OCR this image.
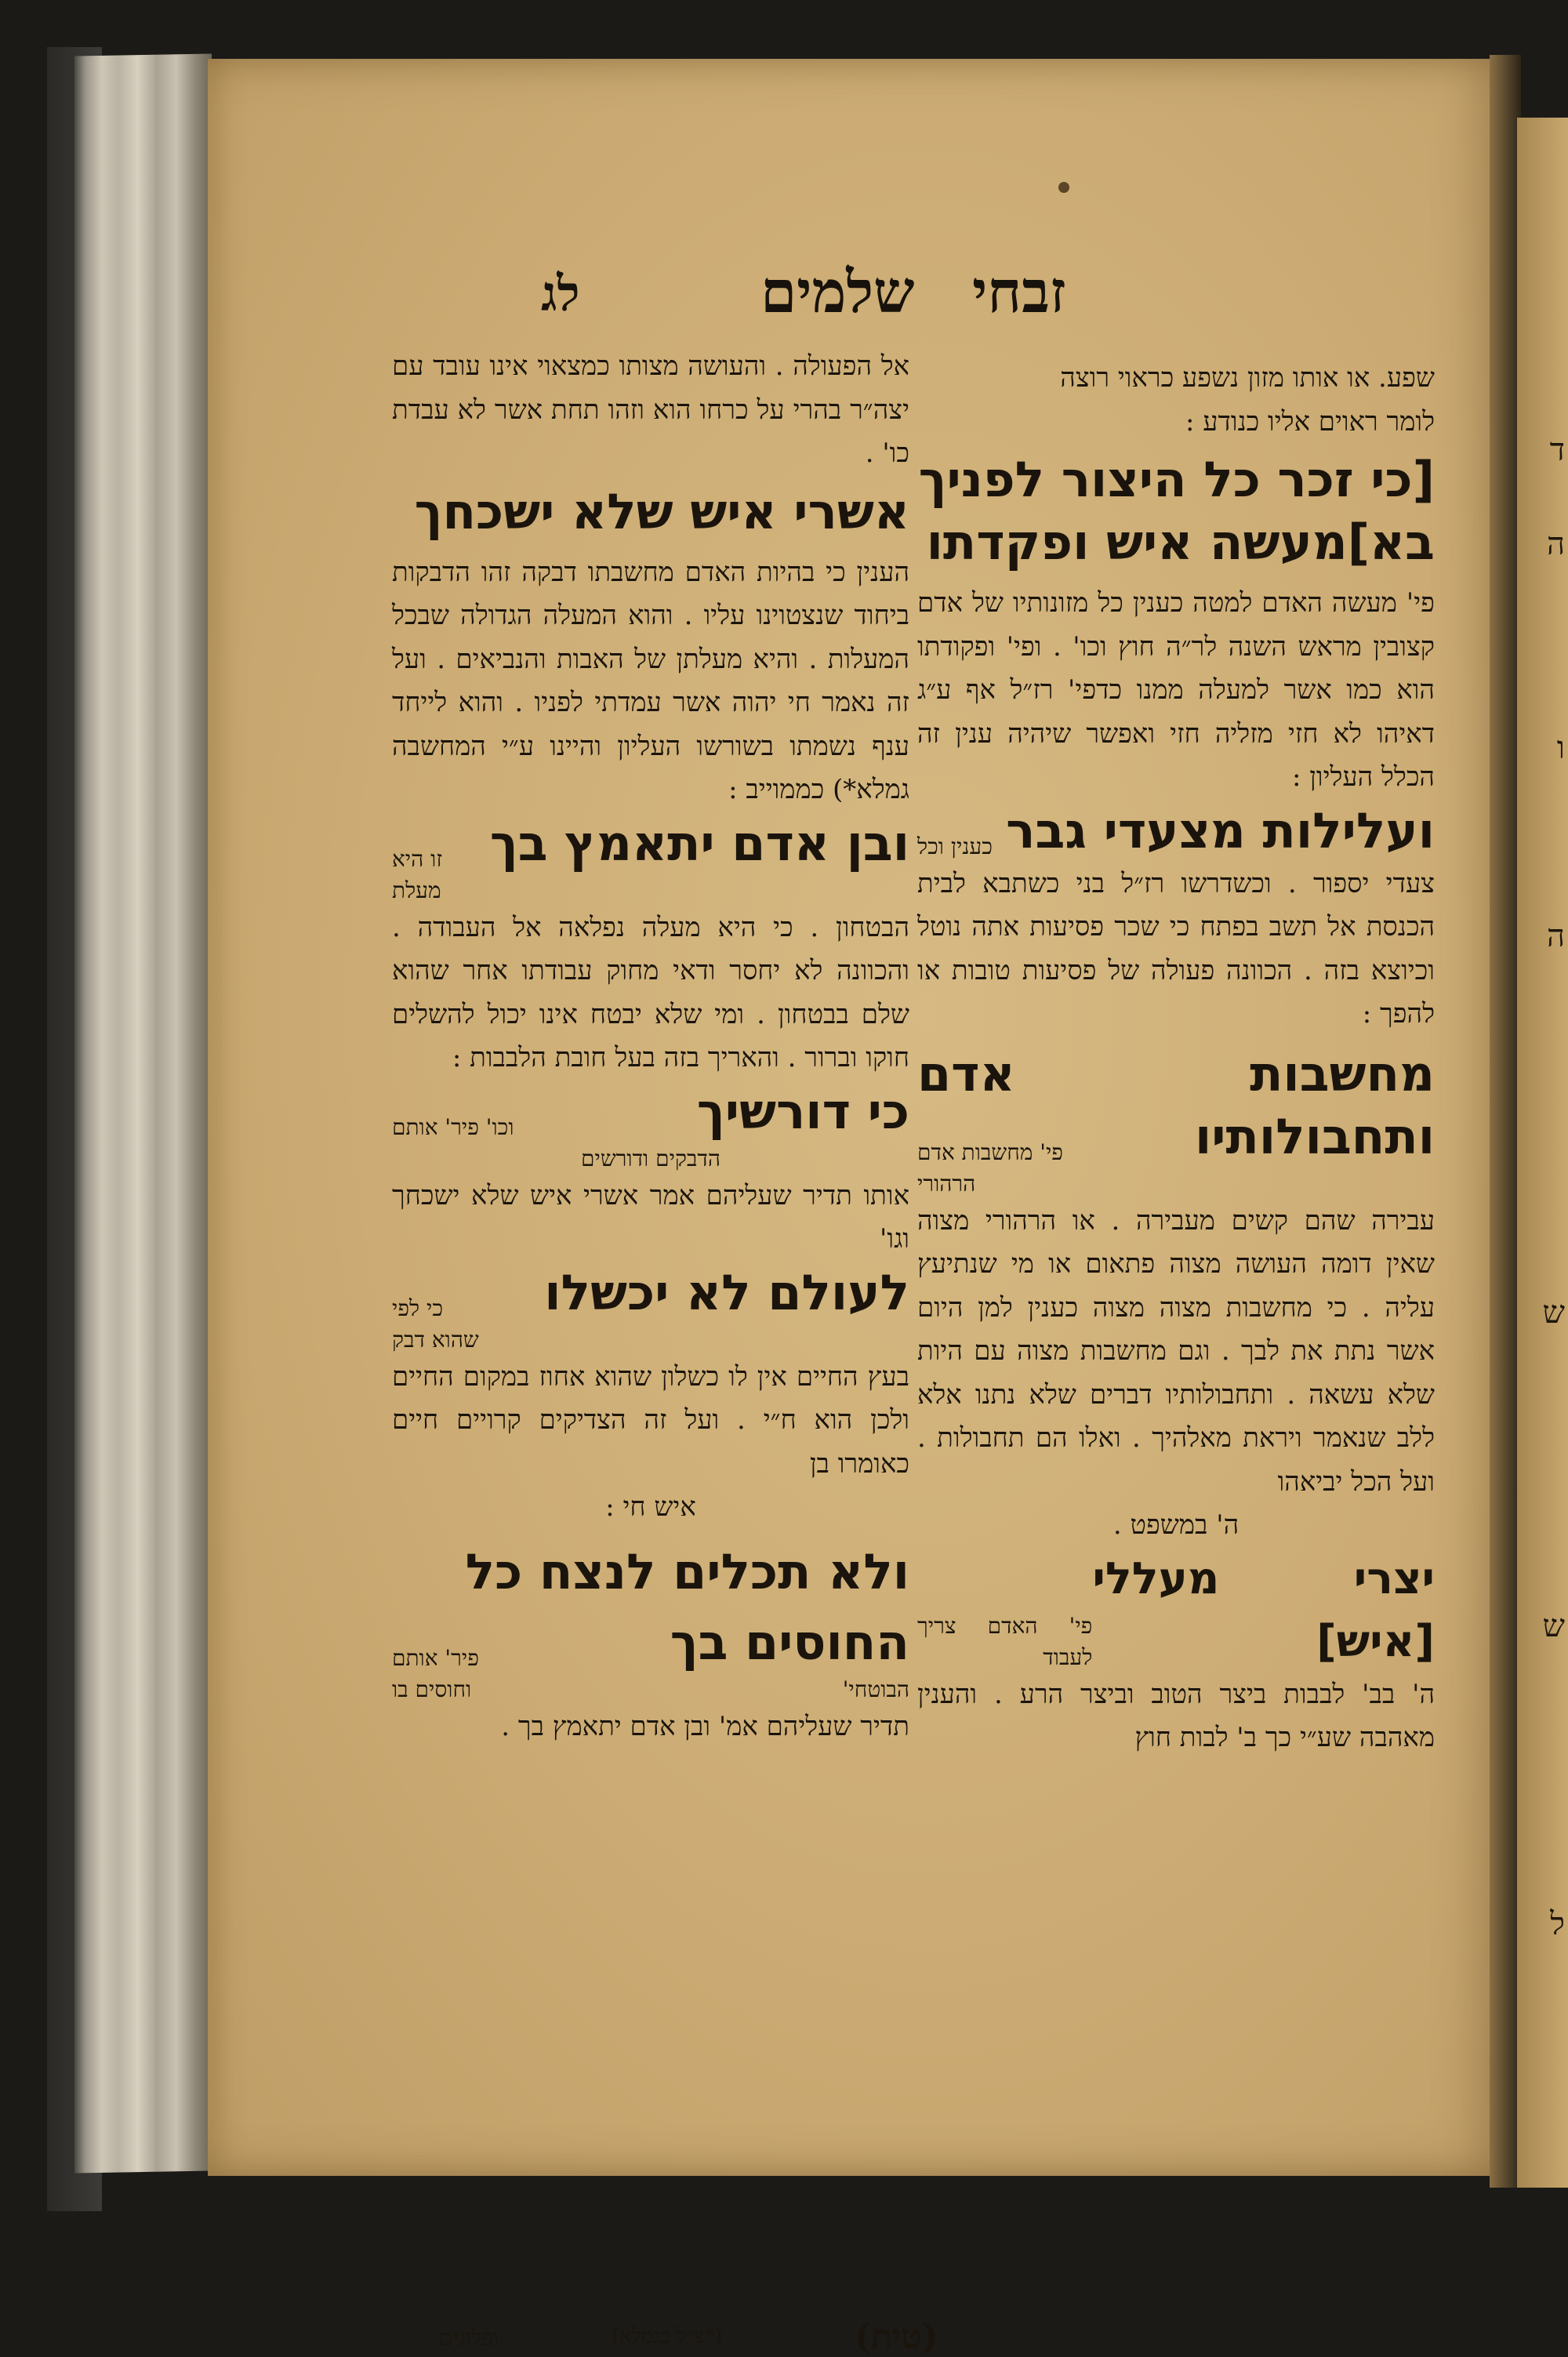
ד
ה
ו
ה
ש
ש
ל
זבחי
שלמים
לג

שפע. או אותו מזון נשפע כראוי רוצה

לומר ראוים אליו כנודע :

[כי זכר כל היצור לפניך
בא]מעשה איש ופקדתו

פי' מעשה האדם למטה כענין כל מזונותיו של אדם קצובין מראש השנה לר״ה חוץ וכו' . ופי' ופקודתו הוא כמו אשר למעלה ממנו כדפי' רז״ל אף ע״ג דאיהו לא חזי מזליה חזי ואפשר שיהיה ענין זה הכלל העליון :

ועלילות מצעדי גבר
כענין וכל

צעדי יספור . וכשדרשו רז״ל בני כשתבא לבית הכנסת אל תשב בפתח כי שכר פסיעות אתה נוטל וכיוצא בזה . הכוונה פעולה של פסיעות טובות או להפך :

מחשבות
אדם
ותחבולותיו
פי' מחשבות אדם

הרהורי

עבירה שהם קשים מעבירה . או הרהורי מצוה שאין דומה העושה מצוה פתאום או מי שנתיעץ עליה . כי מחשבות מצוה מצוה כענין למן היום אשר נתת את לבך . וגם מחשבות מצוה עם היות שלא עשאה . ותחבולותיו דברים שלא נתנו אלא ללב שנאמר ויראת מאלהיך . ואלו הם תחבולות . ועל הכל יביאהו

ה' במשפט .

יצרי מעללי [איש]
פי' האדם צריך לעבוד

ה' בב' לבבות ביצר הטוב וביצר הרע . והענין מאהבה שע״י כך ב' לבות חוץ

אל הפעולה . והעושה מצותו כמצאוי אינו עובד עם יצה״ר בהרי על כרחו הוא וזהו תחת אשר לא עבדת כו' .

אשרי איש שלא ישכחך

הענין כי בהיות האדם מחשבתו דבקה זהו הדבקות ביחוד שנצטוינו עליו . והוא המעלה הגדולה שבכל המעלות . והיא מעלתן של האבות והנביאים . ועל זה נאמר חי יהוה אשר עמדתי לפניו . והוא לייחד ענף נשמתו בשורשו העליון והיינו ע״י המחשבה גמלא*) כממוייב :

ובן אדם יתאמץ בך
זו היא

מעלת

הבטחון . כי היא מעלה נפלאה אל העבודה . והכוונה לא יחסר ודאי מחוק עבודתו אחר שהוא שלם בבטחון . ומי שלא יבטח אינו יכול להשלים חוקו וברור . והאריך בזה בעל חובת הלבבות :

כי דורשיך
וכו' פיר' אותם

הדבקים ודורשים

אותו תדיר שעליהם אמר אשרי איש שלא ישכחך וגו'

לעולם לא יכשלו
כי לפי

שהוא דבק

בעץ החיים אין לו כשלון שהוא אחוז במקום החיים ולכן הוא ח״י . ועל זה הצדיקים קרויים חיים כאומרו בן

איש חי :

ולא תכלים לנצח כל
החוסים בך
פיר' אותם
הבוטחי'
וחוסים בו

תדיר שעליהם אמ' ובן אדם יתאמץ בך .

(טית)
(*צ״ל בגמלא)
ופלוגים
